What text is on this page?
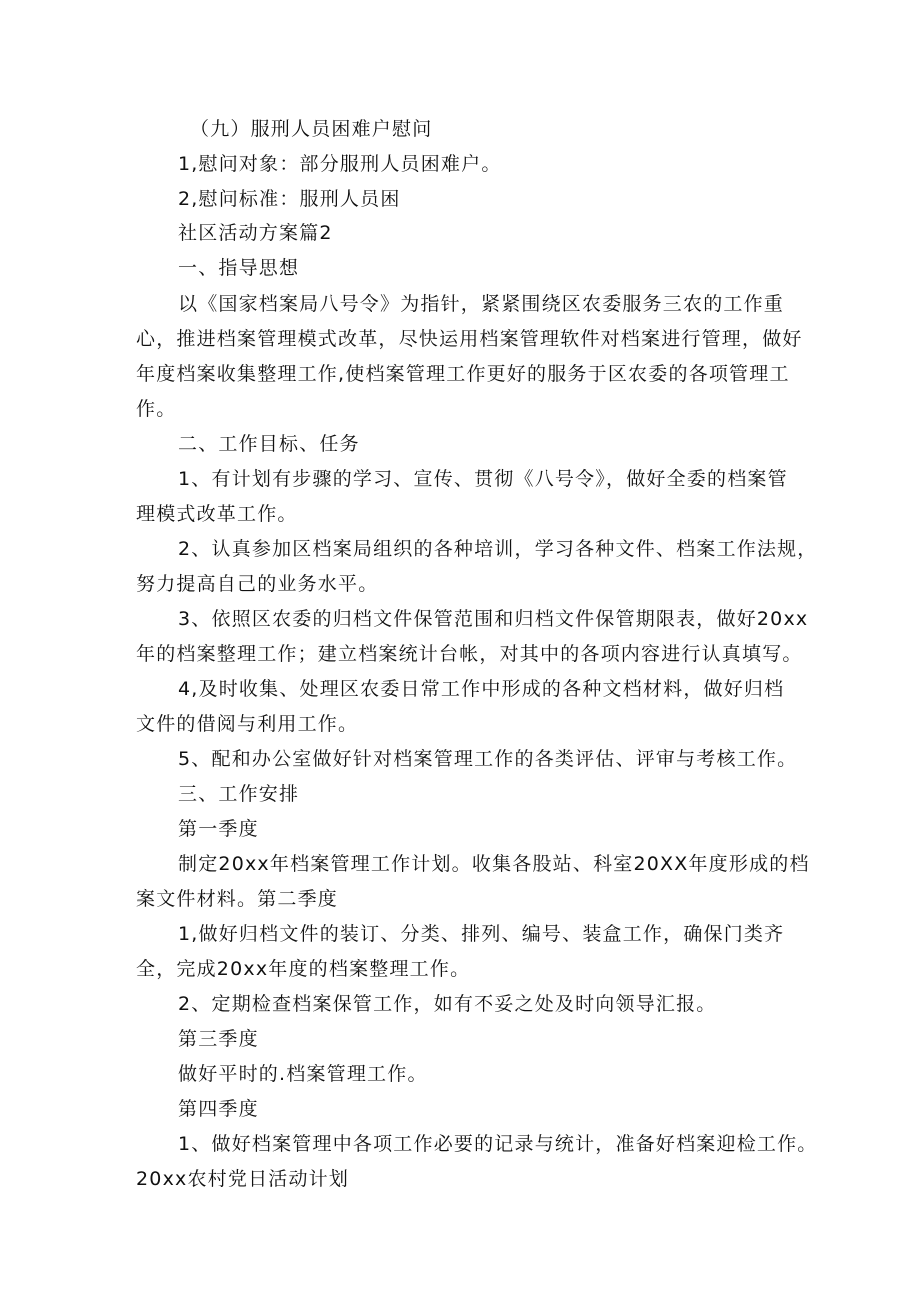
（九）服刑人员困难户慰问
1,慰问对象：部分服刑人员困难户。
2,慰问标准：服刑人员困
社区活动方案篇2
一、指导思想
以《国家档案局八号令》为指针，紧紧围绕区农委服务三农的工作重
心，推进档案管理模式改革，尽快运用档案管理软件对档案进行管理，做好
年度档案收集整理工作,使档案管理工作更好的服务于区农委的各项管理工
作。
二、工作目标、任务
1、有计划有步骤的学习、宣传、贯彻《八号令》，做好全委的档案管
理模式改革工作。
2、认真参加区档案局组织的各种培训，学习各种文件、档案工作法规，
努力提高自己的业务水平。
3、依照区农委的归档文件保管范围和归档文件保管期限表，做好20xx
年的档案整理工作；建立档案统计台帐，对其中的各项内容进行认真填写。
4,及时收集、处理区农委日常工作中形成的各种文档材料，做好归档
文件的借阅与利用工作。
5、配和办公室做好针对档案管理工作的各类评估、评审与考核工作。
三、工作安排
第一季度
制定20xx年档案管理工作计划。收集各股站、科室20XX年度形成的档
案文件材料。第二季度
1,做好归档文件的装订、分类、排列、编号、装盒工作，确保门类齐
全，完成20xx年度的档案整理工作。
2、定期检查档案保管工作，如有不妥之处及时向领导汇报。
第三季度
做好平时的.档案管理工作。
第四季度
1、做好档案管理中各项工作必要的记录与统计，准备好档案迎检工作。
20xx农村党日活动计划
